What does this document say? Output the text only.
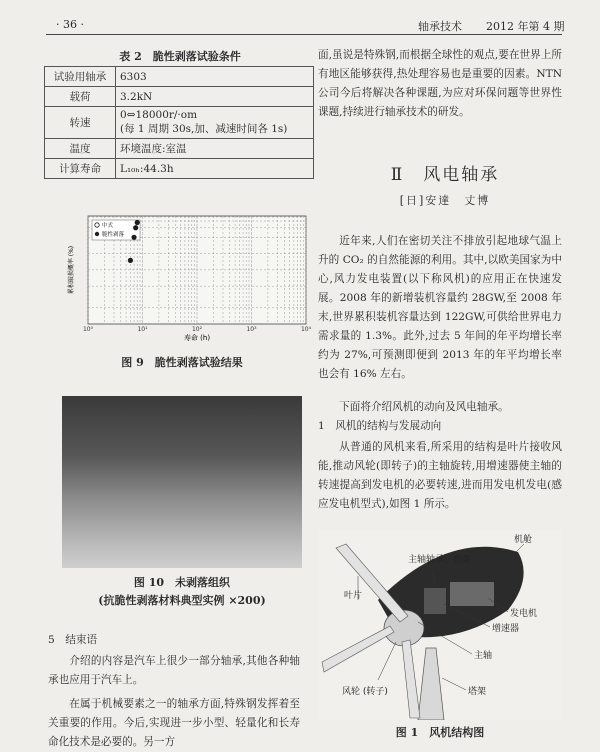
· 36 ·	轴承技术 2012 年第 4 期
表 2　脆性剥落试验条件
试验用轴承	6303
载荷	3.2kN
转速	0⇔18000r/·om
(每 1 周期 30s,加、减速时间各 1s)

温度	环境温度:室温
计算寿命	L₁₀ₕ:44.3h
10⁰	10¹	10²	10³	10⁴
寿命 (h)
累积破损概率 (%)
中式
脆性剥落
图 9　脆性剥落试验结果
图 10　未剥落组织
(抗脆性剥落材料典型实例 ×200)
5　结束语
介绍的内容是汽车上很少一部分轴承,其他各种轴承也应用于汽车上。
在属于机械要素之一的轴承方面,特殊钢发挥着至关重要的作用。今后,实现进一步小型、轻量化和长寿命化技术是必要的。另一方
面,虽说是特殊钢,而根据全球性的观点,要在世界上所有地区能够获得,热处理容易也是重要的因素。NTN 公司今后将解决各种课题,为应对环保问题等世界性课题,持续进行轴承技术的研发。
Ⅱ　风电轴承
[日]安達　丈博
近年来,人们在密切关注不排放引起地球气温上升的 CO₂ 的自然能源的利用。其中,以欧美国家为中心,风力发电装置(以下称风机)的应用正在快速发展。2008 年的新增装机容量约 28GW,至 2008 年末,世界累积装机容量达到 122GW,可供给世界电力需求量的 1.3%。此外,过去 5 年间的年平均增长率约为 27%,可预测即便到 2013 年的年平均增长率也会有 16% 左右。
下面将介绍风机的动向及风电轴承。
1　风机的结构与发展动向
从普通的风机来看,所采用的结构是叶片接收风能,推动风轮(即转子)的主轴旋转,用增速器使主轴的转速提高到发电机的必要转速,进而用发电机发电(感应发电机型式),如图 1 所示。
机舱
主轴轴承、机架
叶片
发电机
增速器
主轴
风轮 (转子)	塔架
图 1　风机结构图
